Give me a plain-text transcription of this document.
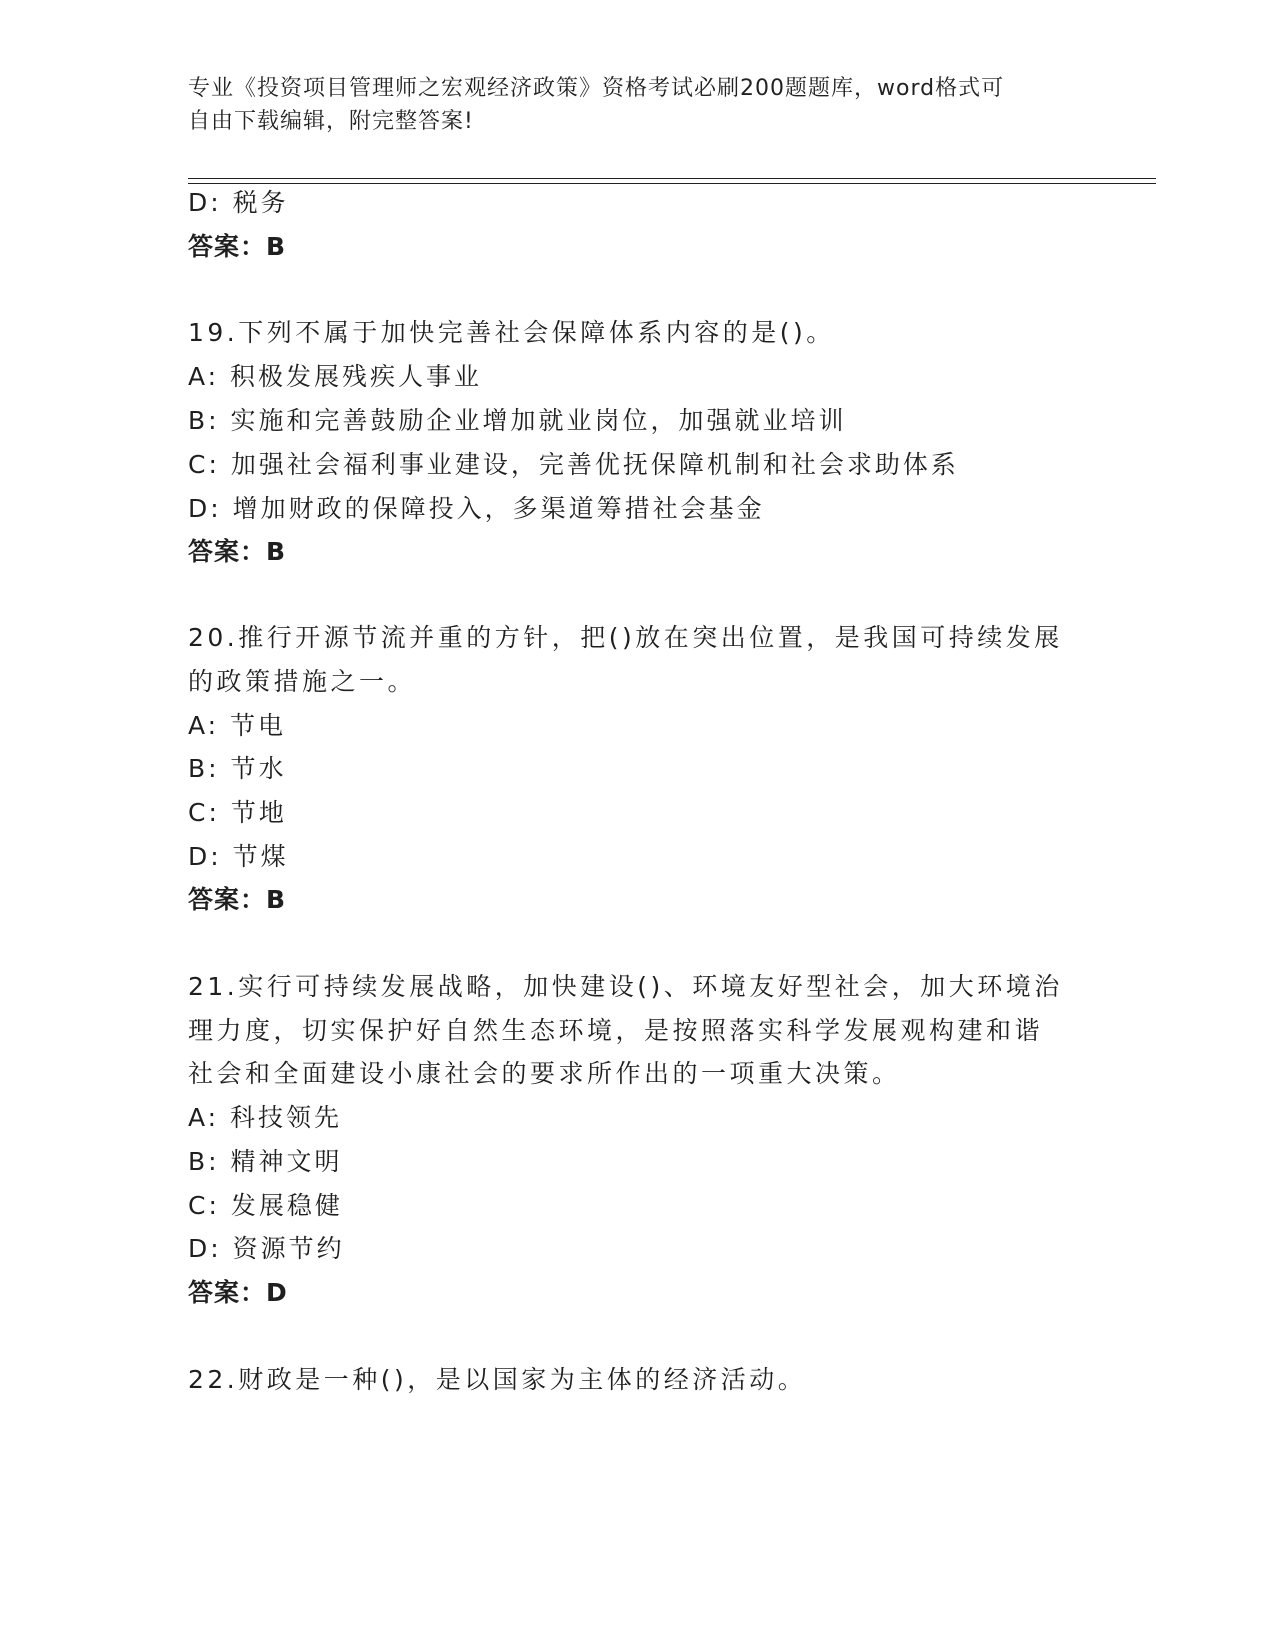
专业《投资项目管理师之宏观经济政策》资格考试必刷200题题库，word格式可
自由下载编辑，附完整答案!
D: 税务
答案：B
19.下列不属于加快完善社会保障体系内容的是()。
A: 积极发展残疾人事业
B: 实施和完善鼓励企业增加就业岗位，加强就业培训
C: 加强社会福利事业建设，完善优抚保障机制和社会求助体系
D: 增加财政的保障投入，多渠道筹措社会基金
答案：B
20.推行开源节流并重的方针，把()放在突出位置，是我国可持续发展
的政策措施之一。
A: 节电
B: 节水
C: 节地
D: 节煤
答案：B
21.实行可持续发展战略，加快建设()、环境友好型社会，加大环境治
理力度，切实保护好自然生态环境，是按照落实科学发展观构建和谐
社会和全面建设小康社会的要求所作出的一项重大决策。
A: 科技领先
B: 精神文明
C: 发展稳健
D: 资源节约
答案：D
22.财政是一种()，是以国家为主体的经济活动。
